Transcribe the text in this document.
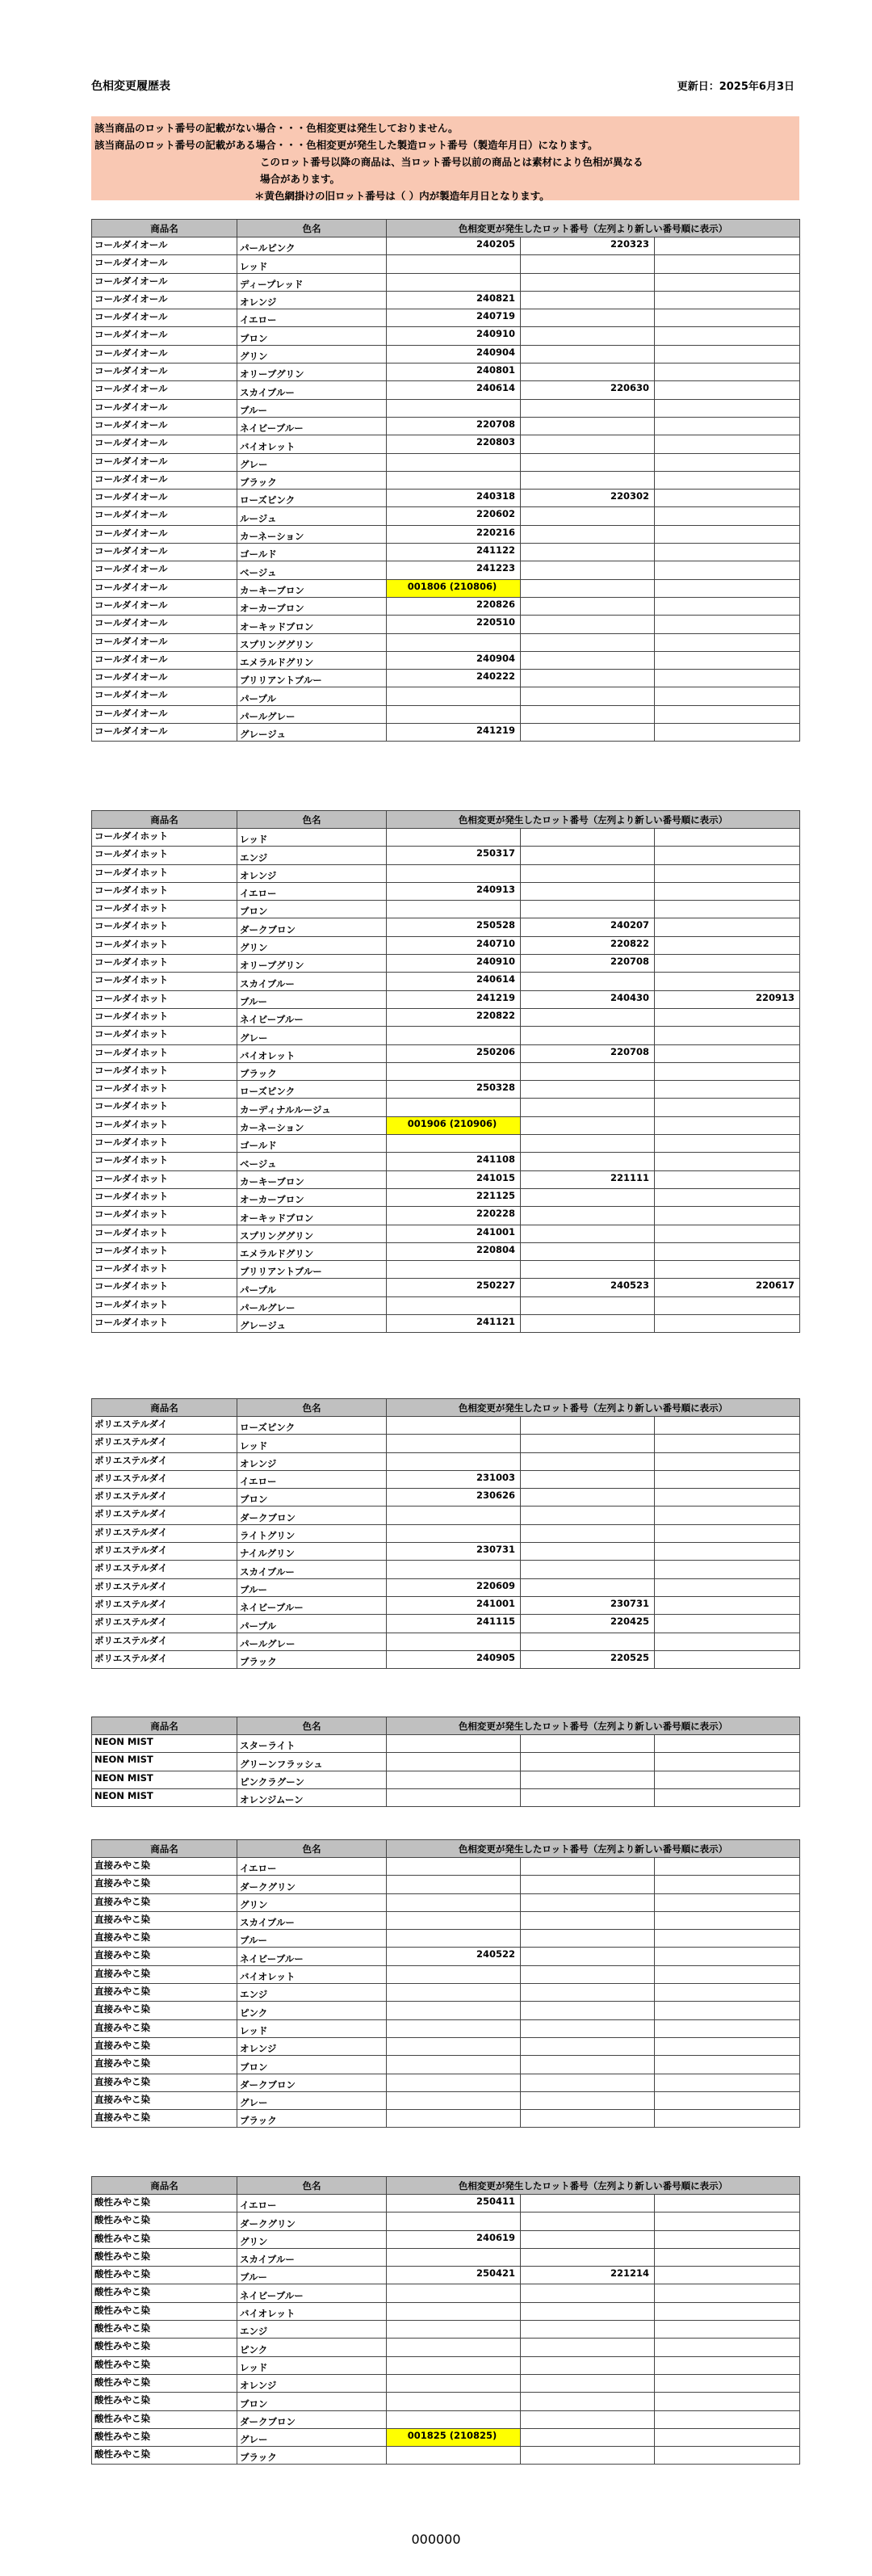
色相変更履歴表	更新日：2025年6月3日
該当商品のロット番号の記載がない場合・・・色相変更は発生しておりません。
該当商品のロット番号の記載がある場合・・・色相変更が発生した製造ロット番号（製造年月日）になります。
このロット番号以降の商品は、当ロット番号以前の商品とは素材により色相が異なる
場合があります。
＊黄色網掛けの旧ロット番号は（ ）内が製造年月日となります。
商品名	色名	色相変更が発生したロット番号（左列より新しい番号順に表示）		
コールダイオール	パールピンク	240205	220323	
コールダイオール	レッド			
コールダイオール	ディープレッド			
コールダイオール	オレンジ	240821		
コールダイオール	イエロー	240719		
コールダイオール	ブロン	240910		
コールダイオール	グリン	240904		
コールダイオール	オリーブグリン	240801		
コールダイオール	スカイブルー	240614	220630	
コールダイオール	ブルー			
コールダイオール	ネイビーブルー	220708		
コールダイオール	バイオレット	220803		
コールダイオール	グレー			
コールダイオール	ブラック			
コールダイオール	ローズピンク	240318	220302	
コールダイオール	ルージュ	220602		
コールダイオール	カーネーション	220216		
コールダイオール	ゴールド	241122		
コールダイオール	ベージュ	241223		
コールダイオール	カーキーブロン	001806 (210806)		
コールダイオール	オーカーブロン	220826		
コールダイオール	オーキッドブロン	220510		
コールダイオール	スプリンググリン			
コールダイオール	エメラルドグリン	240904		
コールダイオール	ブリリアントブルー	240222		
コールダイオール	パープル			
コールダイオール	パールグレー			
コールダイオール	グレージュ	241219		
商品名	色名	色相変更が発生したロット番号（左列より新しい番号順に表示）		
コールダイホット	レッド			
コールダイホット	エンジ	250317		
コールダイホット	オレンジ			
コールダイホット	イエロー	240913		
コールダイホット	ブロン			
コールダイホット	ダークブロン	250528	240207	
コールダイホット	グリン	240710	220822	
コールダイホット	オリーブグリン	240910	220708	
コールダイホット	スカイブルー	240614		
コールダイホット	ブルー	241219	240430	220913
コールダイホット	ネイビーブルー	220822		
コールダイホット	グレー			
コールダイホット	バイオレット	250206	220708	
コールダイホット	ブラック			
コールダイホット	ローズピンク	250328		
コールダイホット	カーディナルルージュ			
コールダイホット	カーネーション	001906 (210906)		
コールダイホット	ゴールド			
コールダイホット	ベージュ	241108		
コールダイホット	カーキーブロン	241015	221111	
コールダイホット	オーカーブロン	221125		
コールダイホット	オーキッドブロン	220228		
コールダイホット	スプリンググリン	241001		
コールダイホット	エメラルドグリン	220804		
コールダイホット	ブリリアントブルー			
コールダイホット	パープル	250227	240523	220617
コールダイホット	パールグレー			
コールダイホット	グレージュ	241121		
商品名	色名	色相変更が発生したロット番号（左列より新しい番号順に表示）		
ポリエステルダイ	ローズピンク			
ポリエステルダイ	レッド			
ポリエステルダイ	オレンジ			
ポリエステルダイ	イエロー	231003		
ポリエステルダイ	ブロン	230626		
ポリエステルダイ	ダークブロン			
ポリエステルダイ	ライトグリン			
ポリエステルダイ	ナイルグリン	230731		
ポリエステルダイ	スカイブルー			
ポリエステルダイ	ブルー	220609		
ポリエステルダイ	ネイビーブルー	241001	230731	
ポリエステルダイ	パープル	241115	220425	
ポリエステルダイ	パールグレー			
ポリエステルダイ	ブラック	240905	220525	
商品名	色名	色相変更が発生したロット番号（左列より新しい番号順に表示）		
NEON MIST	スターライト			
NEON MIST	グリーンフラッシュ			
NEON MIST	ピンクラグーン			
NEON MIST	オレンジムーン			
商品名	色名	色相変更が発生したロット番号（左列より新しい番号順に表示）		
直接みやこ染	イエロー			
直接みやこ染	ダークグリン			
直接みやこ染	グリン			
直接みやこ染	スカイブルー			
直接みやこ染	ブルー			
直接みやこ染	ネイビーブルー	240522		
直接みやこ染	バイオレット			
直接みやこ染	エンジ			
直接みやこ染	ピンク			
直接みやこ染	レッド			
直接みやこ染	オレンジ			
直接みやこ染	ブロン			
直接みやこ染	ダークブロン			
直接みやこ染	グレー			
直接みやこ染	ブラック			
商品名	色名	色相変更が発生したロット番号（左列より新しい番号順に表示）		
酸性みやこ染	イエロー	250411		
酸性みやこ染	ダークグリン			
酸性みやこ染	グリン	240619		
酸性みやこ染	スカイブルー			
酸性みやこ染	ブルー	250421	221214	
酸性みやこ染	ネイビーブルー			
酸性みやこ染	バイオレット			
酸性みやこ染	エンジ			
酸性みやこ染	ピンク			
酸性みやこ染	レッド			
酸性みやこ染	オレンジ			
酸性みやこ染	ブロン			
酸性みやこ染	ダークブロン			
酸性みやこ染	グレー	001825 (210825)		
酸性みやこ染	ブラック			
000000
